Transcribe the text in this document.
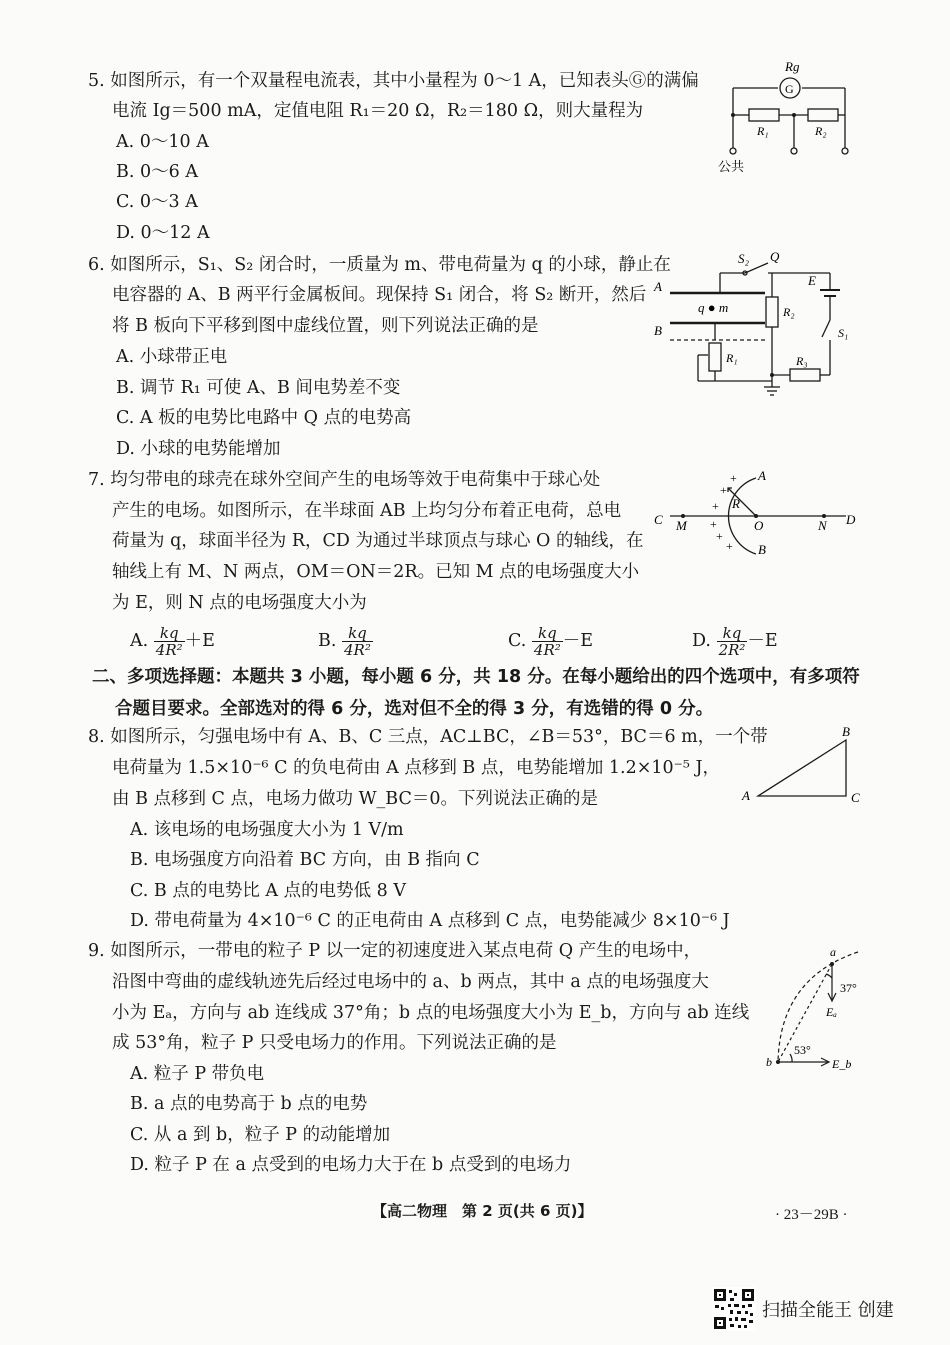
5. 如图所示，有一个双量程电流表，其中小量程为 0～1 A，已知表头Ⓖ的满偏
电流 Ig＝500 mA，定值电阻 R₁＝20 Ω，R₂＝180 Ω，则大量程为
A. 0～10 A
B. 0～6 A
C. 0～3 A
D. 0～12 A
Rg
G
R₁	R₂
公共
6. 如图所示，S₁、S₂ 闭合时，一质量为 m、带电荷量为 q 的小球，静止在
电容器的 A、B 两平行金属板间。现保持 S₁ 闭合，将 S₂ 断开，然后
将 B 板向下平移到图中虚线位置，则下列说法正确的是
A. 小球带正电
B. 调节 R₁ 可使 A、B 间电势差不变
C. A 板的电势比电路中 Q 点的电势高
D. 小球的电势能增加
S₂ Q
A
B
q ● m	R₂
E
S₁
R₁	R₃
7. 均匀带电的球壳在球外空间产生的电场等效于电荷集中于球心处
产生的电场。如图所示，在半球面 AB 上均匀分布着正电荷，总电
荷量为 q，球面半径为 R，CD 为通过半球顶点与球心 O 的轴线，在
轴线上有 M、N 两点，OM＝ON＝2R。已知 M 点的电场强度大小
为 E，则 N 点的电场强度大小为
A. $\frac{kq}{\text{4R²}} +E$	B. $\frac{kq}{\text{4R²}}$	C. $\frac{kq}{\text{4R²}} -E$	D. $\frac{kq}{\text{2R²}} -E$
+
+
+
+
+
+
A
B
C	D
M	N
O
R
二、多项选择题：本题共 3 小题，每小题 6 分，共 18 分。在每小题给出的四个选项中，有多项符
合题目要求。全部选对的得 6 分，选对但不全的得 3 分，有选错的得 0 分。
8. 如图所示，匀强电场中有 A、B、C 三点，AC⊥BC，∠B＝53°，BC＝6 m，一个带
电荷量为 1.5×10⁻⁶ C 的负电荷由 A 点移到 B 点，电势能增加 1.2×10⁻⁵ J，
由 B 点移到 C 点，电场力做功 W_BC＝0。下列说法正确的是
A. 该电场的电场强度大小为 1 V/m
B. 电场强度方向沿着 BC 方向，由 B 指向 C
C. B 点的电势比 A 点的电势低 8 V
D. 带电荷量为 4×10⁻⁶ C 的正电荷由 A 点移到 C 点，电势能减少 8×10⁻⁶ J
A
B
C
9. 如图所示，一带电的粒子 P 以一定的初速度进入某点电荷 Q 产生的电场中，
沿图中弯曲的虚线轨迹先后经过电场中的 a、b 两点，其中 a 点的电场强度大
小为 Eₐ，方向与 ab 连线成 37°角；b 点的电场强度大小为 E_b，方向与 ab 连线
成 53°角，粒子 P 只受电场力的作用。下列说法正确的是
A. 粒子 P 带负电
B. a 点的电势高于 b 点的电势
C. 从 a 到 b，粒子 P 的动能增加
D. 粒子 P 在 a 点受到的电场力大于在 b 点受到的电场力
a
b
Eₐ
E_b
37°
53°
【高二物理　第 2 页(共 6 页)】	· 23－29B ·
扫描全能王 创建
